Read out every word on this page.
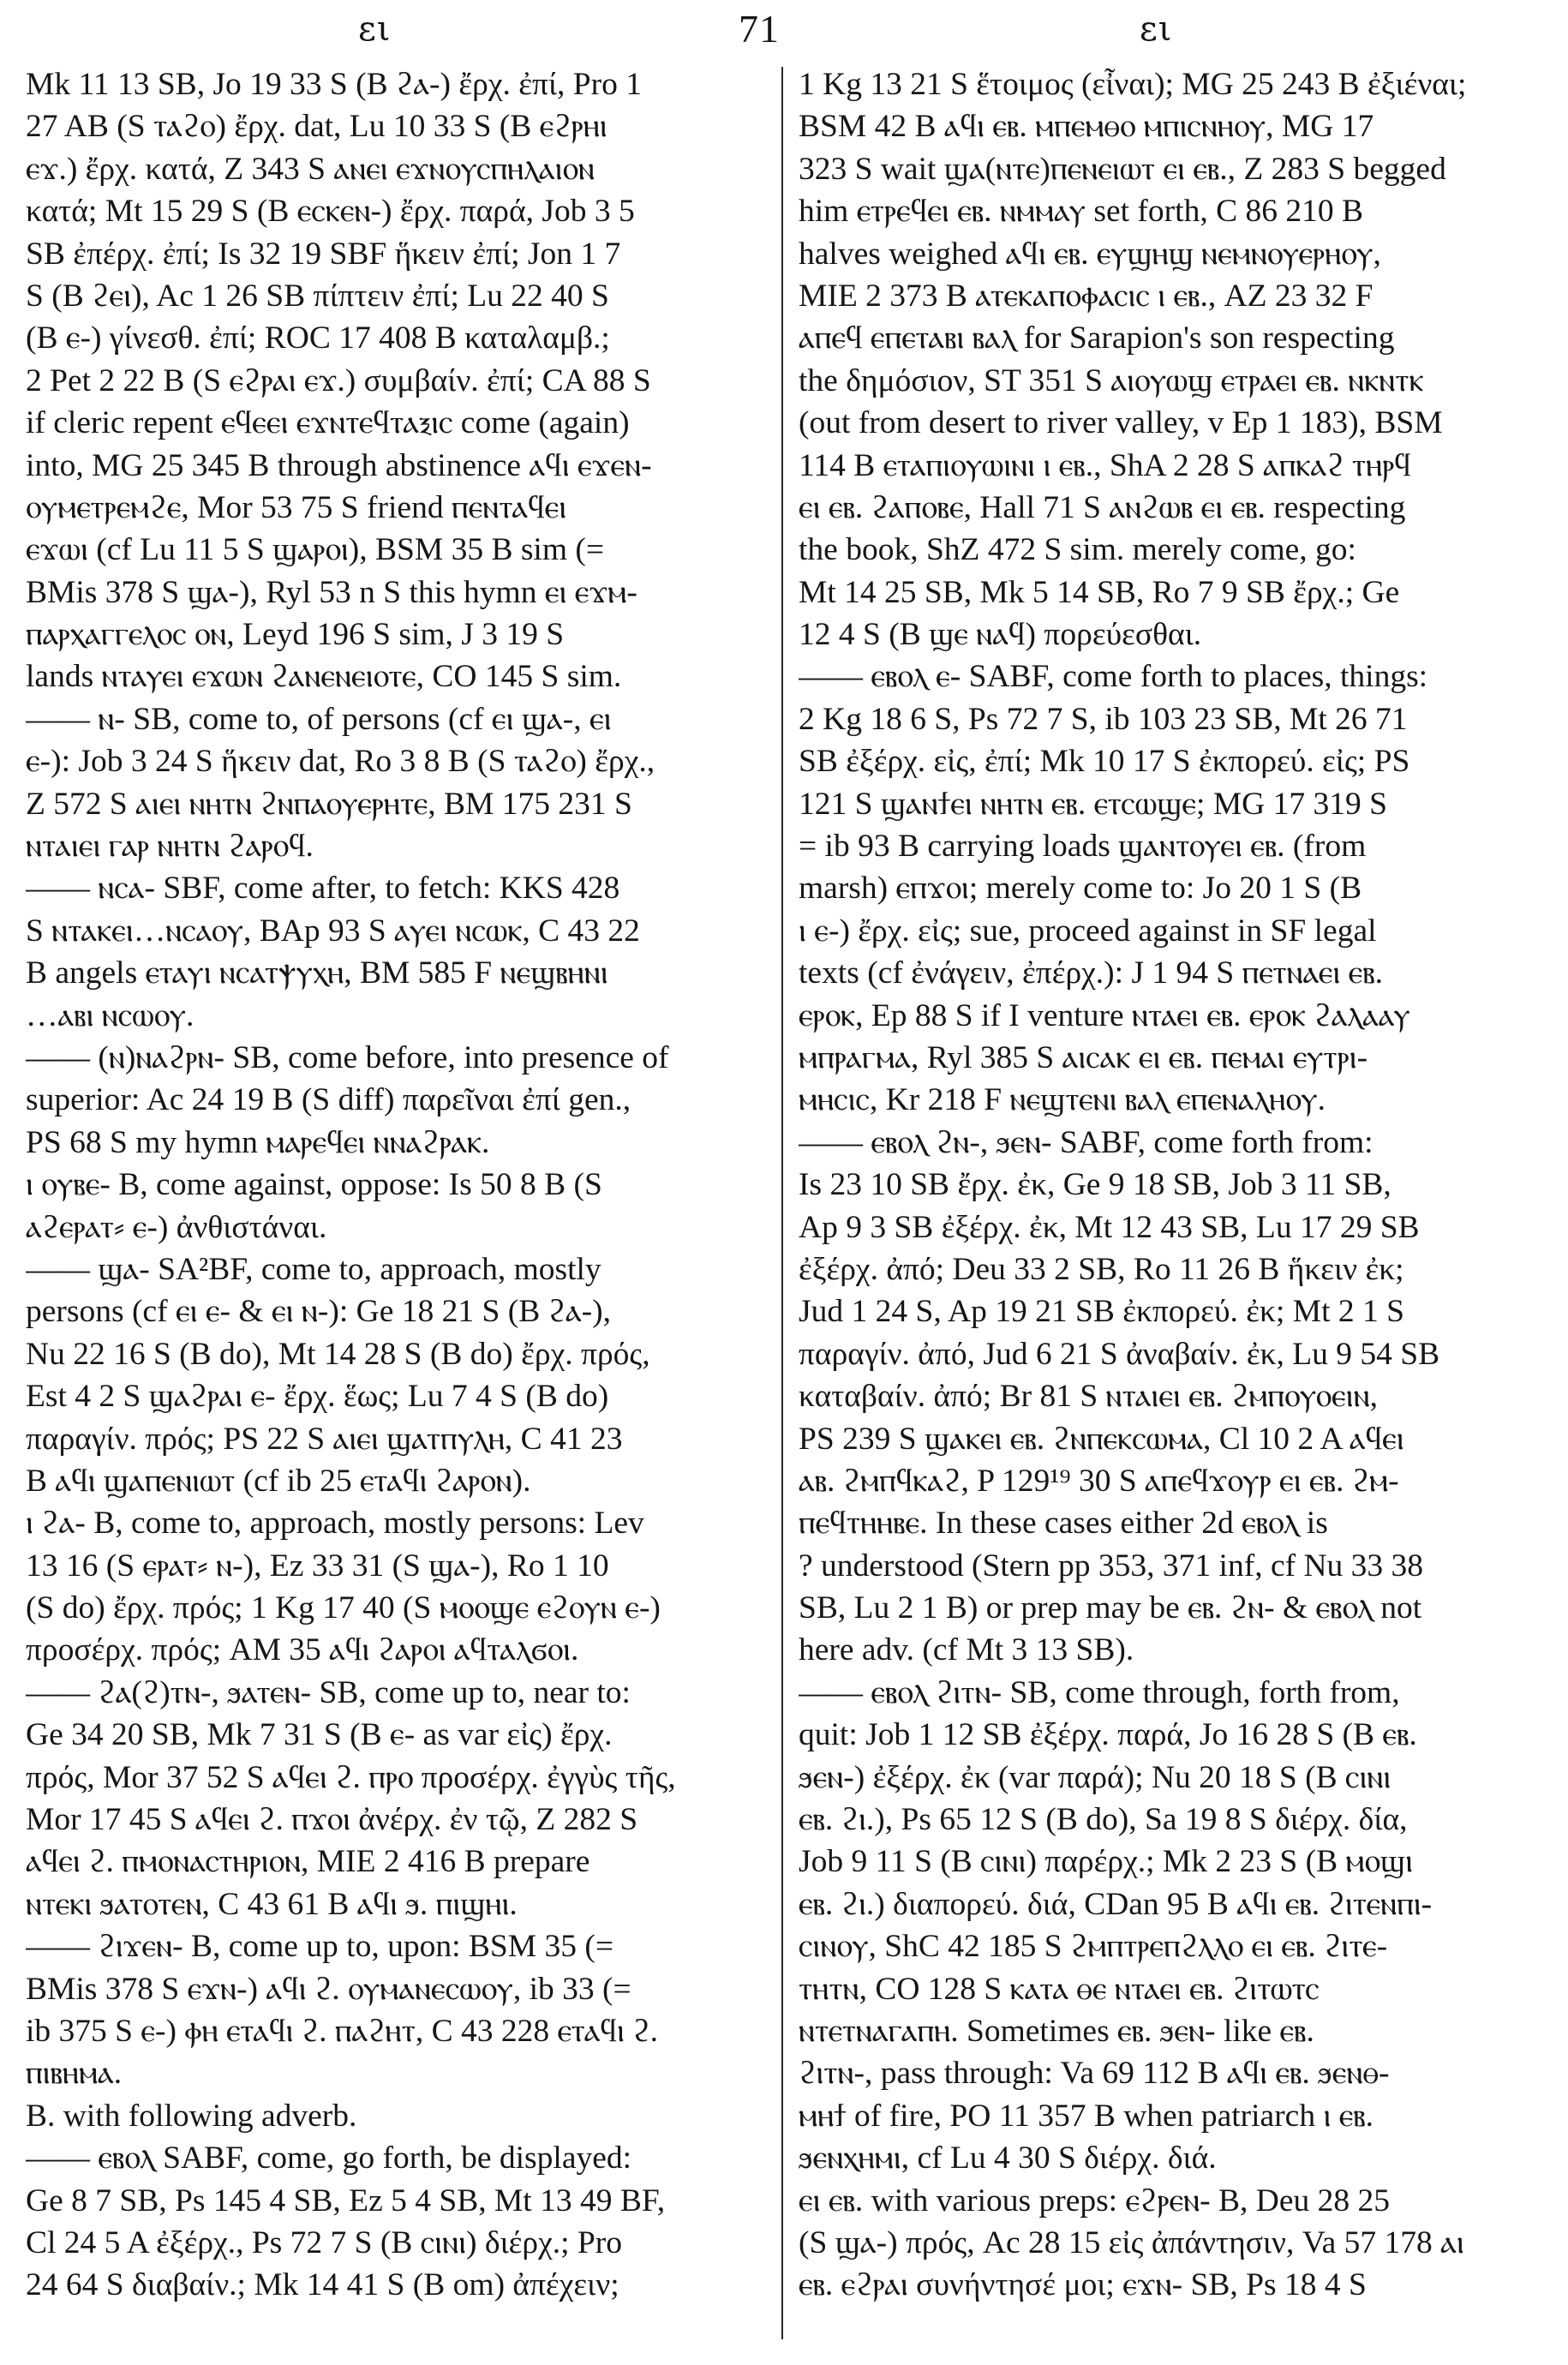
ει	71	ει
Mk 11 13 SB, Jo 19 33 S (B ϩⲁ-) ἔρχ. ἐπί, Pro 1
27 AB (S ⲧⲁϩⲟ) ἔρχ. dat, Lu 10 33 S (B ⲉϩⲣⲏⲓ
ⲉϫ.) ἔρχ. κατά, Z 343 S ⲁⲛⲉⲓ ⲉϫⲛⲟⲩⲥⲡⲏⲗⲁⲓⲟⲛ
κατά; Mt 15 29 S (B ⲉⲥⲕⲉⲛ-) ἔρχ. παρά, Job 3 5
SB ἐπέρχ. ἐπί; Is 32 19 SBF ἥκειν ἐπί; Jon 1 7
S (B ϩⲉⲓ), Ac 1 26 SB πίπτειν ἐπί; Lu 22 40 S
(B ⲉ-) γίνεσθ. ἐπί; ROC 17 408 B καταλαμβ.;
2 Pet 2 22 B (S ⲉϩⲣⲁⲓ ⲉϫ.) συμβαίν. ἐπί; CA 88 S
if cleric repent ⲉϥⲉⲉⲓ ⲉϫⲛⲧⲉϥⲧⲁⲝⲓⲥ come (again)
into, MG 25 345 B through abstinence ⲁϥⲓ ⲉϫⲉⲛ-
ⲟⲩⲙⲉⲧⲣⲉⲙϩⲉ, Mor 53 75 S friend ⲡⲉⲛⲧⲁϥⲉⲓ
ⲉϫⲱⲓ (cf Lu 11 5 S ϣⲁⲣⲟⲓ), BSM 35 B sim (=
BMis 378 S ϣⲁ-), Ryl 53 n S this hymn ⲉⲓ ⲉϫⲙ-
ⲡⲁⲣⲭⲁⲅⲅⲉⲗⲟⲥ ⲟⲛ, Leyd 196 S sim, J 3 19 S
lands ⲛⲧⲁⲩⲉⲓ ⲉϫⲱⲛ ϩⲁⲛⲉⲛⲉⲓⲟⲧⲉ, CO 145 S sim.
—— ⲛ- SB, come to, of persons (cf ⲉⲓ ϣⲁ-, ⲉⲓ
ⲉ-): Job 3 24 S ἥκειν dat, Ro 3 8 B (S ⲧⲁϩⲟ) ἔρχ.,
Z 572 S ⲁⲓⲉⲓ ⲛⲏⲧⲛ ϩⲛⲡⲁⲟⲩⲉⲣⲏⲧⲉ, BM 175 231 S
ⲛⲧⲁⲓⲉⲓ ⲅⲁⲣ ⲛⲏⲧⲛ ϩⲁⲣⲟϥ.
—— ⲛⲥⲁ- SBF, come after, to fetch: KKS 428
S ⲛⲧⲁⲕⲉⲓ…ⲛⲥⲁⲟⲩ, BAp 93 S ⲁⲩⲉⲓ ⲛⲥⲱⲕ, C 43 22
B angels ⲉⲧⲁⲩⲓ ⲛⲥⲁⲧⲯⲩⲭⲏ, BM 585 F ⲛⲉϣⲃⲏⲛⲓ
…ⲁⲃⲓ ⲛⲥⲱⲟⲩ.
—— (ⲛ)ⲛⲁϩⲣⲛ- SB, come before, into presence of
superior: Ac 24 19 B (S diff) παρεῖναι ἐπί gen.,
PS 68 S my hymn ⲙⲁⲣⲉϥⲉⲓ ⲛⲛⲁϩⲣⲁⲕ.
ⲓ ⲟⲩⲃⲉ- B, come against, oppose: Is 50 8 B (S
ⲁϩⲉⲣⲁⲧ⸗ ⲉ-) ἀνθιστάναι.
—— ϣⲁ- SA²BF, come to, approach, mostly
persons (cf ⲉⲓ ⲉ- & ⲉⲓ ⲛ-): Ge 18 21 S (B ϩⲁ-),
Nu 22 16 S (B do), Mt 14 28 S (B do) ἔρχ. πρός,
Est 4 2 S ϣⲁϩⲣⲁⲓ ⲉ- ἔρχ. ἕως; Lu 7 4 S (B do)
παραγίν. πρός; PS 22 S ⲁⲓⲉⲓ ϣⲁⲧⲡⲩⲗⲏ, C 41 23
B ⲁϥⲓ ϣⲁⲡⲉⲛⲓⲱⲧ (cf ib 25 ⲉⲧⲁϥⲓ ϩⲁⲣⲟⲛ).
ⲓ ϩⲁ- B, come to, approach, mostly persons: Lev
13 16 (S ⲉⲣⲁⲧ⸗ ⲛ-), Ez 33 31 (S ϣⲁ-), Ro 1 10
(S do) ἔρχ. πρός; 1 Kg 17 40 (S ⲙⲟⲟϣⲉ ⲉϩⲟⲩⲛ ⲉ-)
προσέρχ. πρός; AM 35 ⲁϥⲓ ϩⲁⲣⲟⲓ ⲁϥⲧⲁⲗϭⲟⲓ.
—— ϩⲁ(ϩ)ⲧⲛ-, ϧⲁⲧⲉⲛ- SB, come up to, near to:
Ge 34 20 SB, Mk 7 31 S (B ⲉ- as var εἰς) ἔρχ.
πρός, Mor 37 52 S ⲁϥⲉⲓ ϩ. ⲡⲣⲟ προσέρχ. ἐγγὺς τῆς,
Mor 17 45 S ⲁϥⲉⲓ ϩ. ⲡϫⲟⲓ ἀνέρχ. ἐν τῷ, Z 282 S
ⲁϥⲉⲓ ϩ. ⲡⲙⲟⲛⲁⲥⲧⲏⲣⲓⲟⲛ, MIE 2 416 B prepare
ⲛⲧⲉⲕⲓ ϧⲁⲧⲟⲧⲉⲛ, C 43 61 B ⲁϥⲓ ϧ. ⲡⲓϣⲏⲓ.
—— ϩⲓϫⲉⲛ- B, come up to, upon: BSM 35 (=
BMis 378 S ⲉϫⲛ-) ⲁϥⲓ ϩ. ⲟⲩⲙⲁⲛⲉⲥⲱⲟⲩ, ib 33 (=
ib 375 S ⲉ-) ⲫⲏ ⲉⲧⲁϥⲓ ϩ. ⲡⲁϩⲏⲧ, C 43 228 ⲉⲧⲁϥⲓ ϩ.
ⲡⲓⲃⲏⲙⲁ.
B. with following adverb.
—— ⲉⲃⲟⲗ SABF, come, go forth, be displayed:
Ge 8 7 SB, Ps 145 4 SB, Ez 5 4 SB, Mt 13 49 BF,
Cl 24 5 A ἐξέρχ., Ps 72 7 S (B ⲥⲓⲛⲓ) διέρχ.; Pro
24 64 S διαβαίν.; Mk 14 41 S (B om) ἀπέχειν;
1 Kg 13 21 S ἕτοιμος (εἶναι); MG 25 243 B ἐξιέναι;
BSM 42 B ⲁϥⲓ ⲉⲃ. ⲙⲡⲉⲙⲑⲟ ⲙⲡⲓⲥⲛⲏⲟⲩ, MG 17
323 S wait ϣⲁ(ⲛⲧⲉ)ⲡⲉⲛⲉⲓⲱⲧ ⲉⲓ ⲉⲃ., Z 283 S begged
him ⲉⲧⲣⲉϥⲉⲓ ⲉⲃ. ⲛⲙⲙⲁⲩ set forth, C 86 210 B
halves weighed ⲁϥⲓ ⲉⲃ. ⲉⲩϣⲏϣ ⲛⲉⲙⲛⲟⲩⲉⲣⲏⲟⲩ,
MIE 2 373 B ⲁⲧⲉⲕⲁⲡⲟⲫⲁⲥⲓⲥ ⲓ ⲉⲃ., AZ 23 32 F
ⲁⲡⲉϥ ⲉⲡⲉⲧⲁⲃⲓ ⲃⲁⲗ for Sarapion's son respecting
the δημόσιον, ST 351 S ⲁⲓⲟⲩⲱϣ ⲉⲧⲣⲁⲉⲓ ⲉⲃ. ⲛⲕⲛⲧⲕ
(out from desert to river valley, v Ep 1 183), BSM
114 B ⲉⲧⲁⲡⲓⲟⲩⲱⲓⲛⲓ ⲓ ⲉⲃ., ShA 2 28 S ⲁⲡⲕⲁϩ ⲧⲏⲣϥ
ⲉⲓ ⲉⲃ. ϩⲁⲡⲟⲃⲉ, Hall 71 S ⲁⲛϩⲱⲃ ⲉⲓ ⲉⲃ. respecting
the book, ShZ 472 S sim. merely come, go:
Mt 14 25 SB, Mk 5 14 SB, Ro 7 9 SB ἔρχ.; Ge
12 4 S (B ϣⲉ ⲛⲁϥ) πορεύεσθαι.
—— ⲉⲃⲟⲗ ⲉ- SABF, come forth to places, things:
2 Kg 18 6 S, Ps 72 7 S, ib 103 23 SB, Mt 26 71
SB ἐξέρχ. εἰς, ἐπί; Mk 10 17 S ἐκπορεύ. εἰς; PS
121 S ϣⲁⲛϯⲉⲓ ⲛⲏⲧⲛ ⲉⲃ. ⲉⲧⲥⲱϣⲉ; MG 17 319 S
= ib 93 B carrying loads ϣⲁⲛⲧⲟⲩⲉⲓ ⲉⲃ. (from
marsh) ⲉⲡϫⲟⲓ; merely come to: Jo 20 1 S (B
ⲓ ⲉ-) ἔρχ. εἰς; sue, proceed against in SF legal
texts (cf ἐνάγειν, ἐπέρχ.): J 1 94 S ⲡⲉⲧⲛⲁⲉⲓ ⲉⲃ.
ⲉⲣⲟⲕ, Ep 88 S if I venture ⲛⲧⲁⲉⲓ ⲉⲃ. ⲉⲣⲟⲕ ϩⲁⲗⲁⲁⲩ
ⲙⲡⲣⲁⲅⲙⲁ, Ryl 385 S ⲁⲓⲥⲁⲕ ⲉⲓ ⲉⲃ. ⲡⲉⲙⲁⲓ ⲉⲩⲧⲣⲓ-
ⲙⲏⲥⲓⲥ, Kr 218 F ⲛⲉϣⲧⲉⲛⲓ ⲃⲁⲗ ⲉⲡⲉⲛⲁⲗⲏⲟⲩ.
—— ⲉⲃⲟⲗ ϩⲛ-, ϧⲉⲛ- SABF, come forth from:
Is 23 10 SB ἔρχ. ἐκ, Ge 9 18 SB, Job 3 11 SB,
Ap 9 3 SB ἐξέρχ. ἐκ, Mt 12 43 SB, Lu 17 29 SB
ἐξέρχ. ἀπό; Deu 33 2 SB, Ro 11 26 B ἥκειν ἐκ;
Jud 1 24 S, Ap 19 21 SB ἐκπορεύ. ἐκ; Mt 2 1 S
παραγίν. ἀπό, Jud 6 21 S ἀναβαίν. ἐκ, Lu 9 54 SB
καταβαίν. ἀπό; Br 81 S ⲛⲧⲁⲓⲉⲓ ⲉⲃ. ϩⲙⲡⲟⲩⲟⲉⲓⲛ,
PS 239 S ϣⲁⲕⲉⲓ ⲉⲃ. ϩⲛⲡⲉⲕⲥⲱⲙⲁ, Cl 10 2 A ⲁϥⲉⲓ
ⲁⲃ. ϩⲙⲡϥⲕⲁϩ, P 129¹⁹ 30 S ⲁⲡⲉϥϫⲟⲩⲣ ⲉⲓ ⲉⲃ. ϩⲙ-
ⲡⲉϥⲧⲏⲏⲃⲉ. In these cases either 2d ⲉⲃⲟⲗ is
? understood (Stern pp 353, 371 inf, cf Nu 33 38
SB, Lu 2 1 B) or prep may be ⲉⲃ. ϩⲛ- & ⲉⲃⲟⲗ not
here adv. (cf Mt 3 13 SB).
—— ⲉⲃⲟⲗ ϩⲓⲧⲛ- SB, come through, forth from,
quit: Job 1 12 SB ἐξέρχ. παρά, Jo 16 28 S (B ⲉⲃ.
ϧⲉⲛ-) ἐξέρχ. ἐκ (var παρά); Nu 20 18 S (B ⲥⲓⲛⲓ
ⲉⲃ. ϩⲓ.), Ps 65 12 S (B do), Sa 19 8 S διέρχ. δία,
Job 9 11 S (B ⲥⲓⲛⲓ) παρέρχ.; Mk 2 23 S (B ⲙⲟϣⲓ
ⲉⲃ. ϩⲓ.) διαπορεύ. διά, CDan 95 B ⲁϥⲓ ⲉⲃ. ϩⲓⲧⲉⲛⲡⲓ-
ⲥⲓⲛⲟⲩ, ShC 42 185 S ϩⲙⲡⲧⲣⲉⲡϩⲗⲗⲟ ⲉⲓ ⲉⲃ. ϩⲓⲧⲉ-
ⲧⲏⲧⲛ, CO 128 S ⲕⲁⲧⲁ ⲑⲉ ⲛⲧⲁⲉⲓ ⲉⲃ. ϩⲓⲧⲱⲧⲥ
ⲛⲧⲉⲧⲛⲁⲅⲁⲡⲏ. Sometimes ⲉⲃ. ϧⲉⲛ- like ⲉⲃ.
ϩⲓⲧⲛ-, pass through: Va 69 112 B ⲁϥⲓ ⲉⲃ. ϧⲉⲛⲑ-
ⲙⲏϯ of fire, PO 11 357 B when patriarch ⲓ ⲉⲃ.
ϧⲉⲛⲭⲏⲙⲓ, cf Lu 4 30 S διέρχ. διά.
ⲉⲓ ⲉⲃ. with various preps: ⲉϩⲣⲉⲛ- B, Deu 28 25
(S ϣⲁ-) πρός, Ac 28 15 εἰς ἀπάντησιν, Va 57 178 ⲁⲓ
ⲉⲃ. ⲉϩⲣⲁⲓ συνήντησέ μοι; ⲉϫⲛ- SB, Ps 18 4 S
